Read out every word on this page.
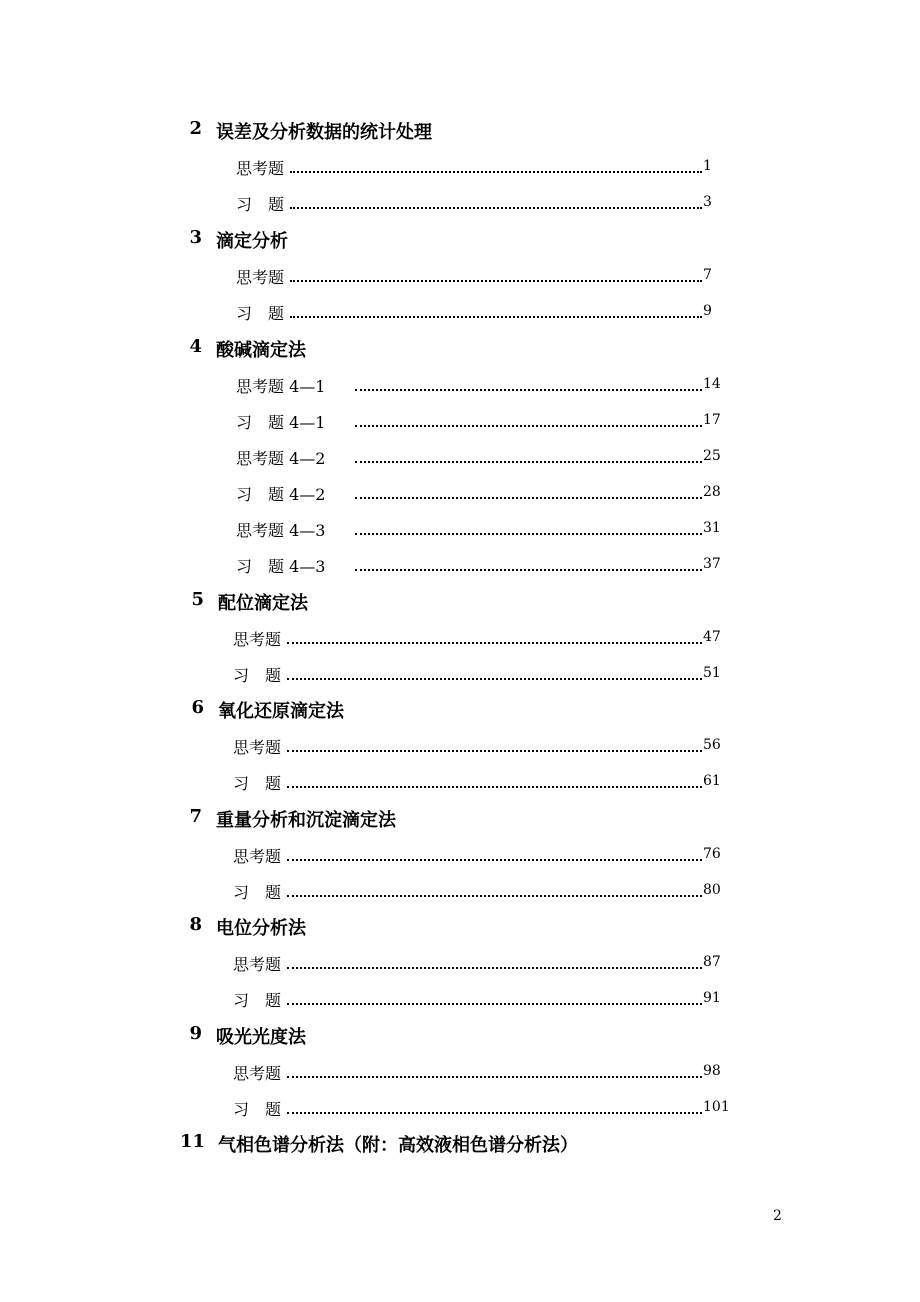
2 误差及分析数据的统计处理
思考题	1
习　题	3
3 滴定分析
思考题	7
习　题	9
4 酸碱滴定法
思考题 4—1	14
习　题 4—1	17
思考题 4—2	25
习　题 4—2	28
思考题 4—3	31
习　题 4—3	37
5 配位滴定法
思考题	47
习　题	51
6 氧化还原滴定法
思考题	56
习　题	61
7 重量分析和沉淀滴定法
思考题	76
习　题	80
8 电位分析法
思考题	87
习　题	91
9 吸光光度法
思考题	98
习　题	101
11 气相色谱分析法（附：高效液相色谱分析法）
2
